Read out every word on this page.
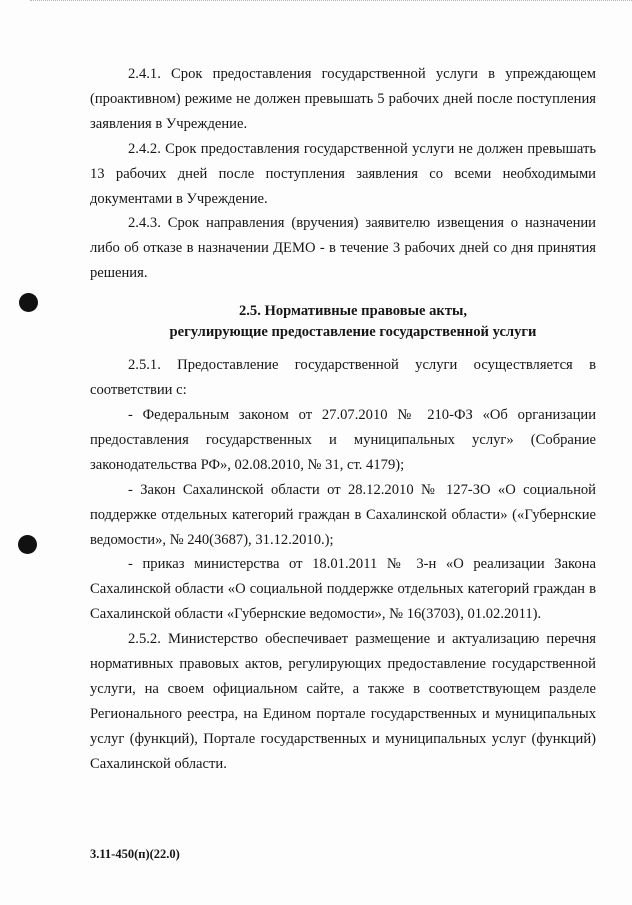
2.4.1. Срок предоставления государственной услуги в упреждающем (проактивном) режиме не должен превышать 5 рабочих дней после поступления заявления в Учреждение.

2.4.2. Срок предоставления государственной услуги не должен превышать 13 рабочих дней после поступления заявления со всеми необходимыми документами в Учреждение.

2.4.3. Срок направления (вручения) заявителю извещения о назначении либо об отказе в назначении ДЕМО - в течение 3 рабочих дней со дня принятия решения.

2.5. Нормативные правовые акты,
регулирующие предоставление государственной услуги

2.5.1. Предоставление государственной услуги осуществляется в соответствии с:

- Федеральным законом от 27.07.2010 № 210-ФЗ «Об организации предоставления государственных и муниципальных услуг» (Собрание законодательства РФ», 02.08.2010, № 31, ст. 4179);

- Закон Сахалинской области от 28.12.2010 № 127-ЗО «О социальной поддержке отдельных категорий граждан в Сахалинской области» («Губернские ведомости», № 240(3687), 31.12.2010.);

- приказ министерства от 18.01.2011 № 3-н «О реализации Закона Сахалинской области «О социальной поддержке отдельных категорий граждан в Сахалинской области «Губернские ведомости», № 16(3703), 01.02.2011).

2.5.2. Министерство обеспечивает размещение и актуализацию перечня нормативных правовых актов, регулирующих предоставление государственной услуги, на своем официальном сайте, а также в соответствующем разделе Регионального реестра, на Едином портале государственных и муниципальных услуг (функций), Портале государственных и муниципальных услуг (функций) Сахалинской области.

3.11-450(п)(22.0)
